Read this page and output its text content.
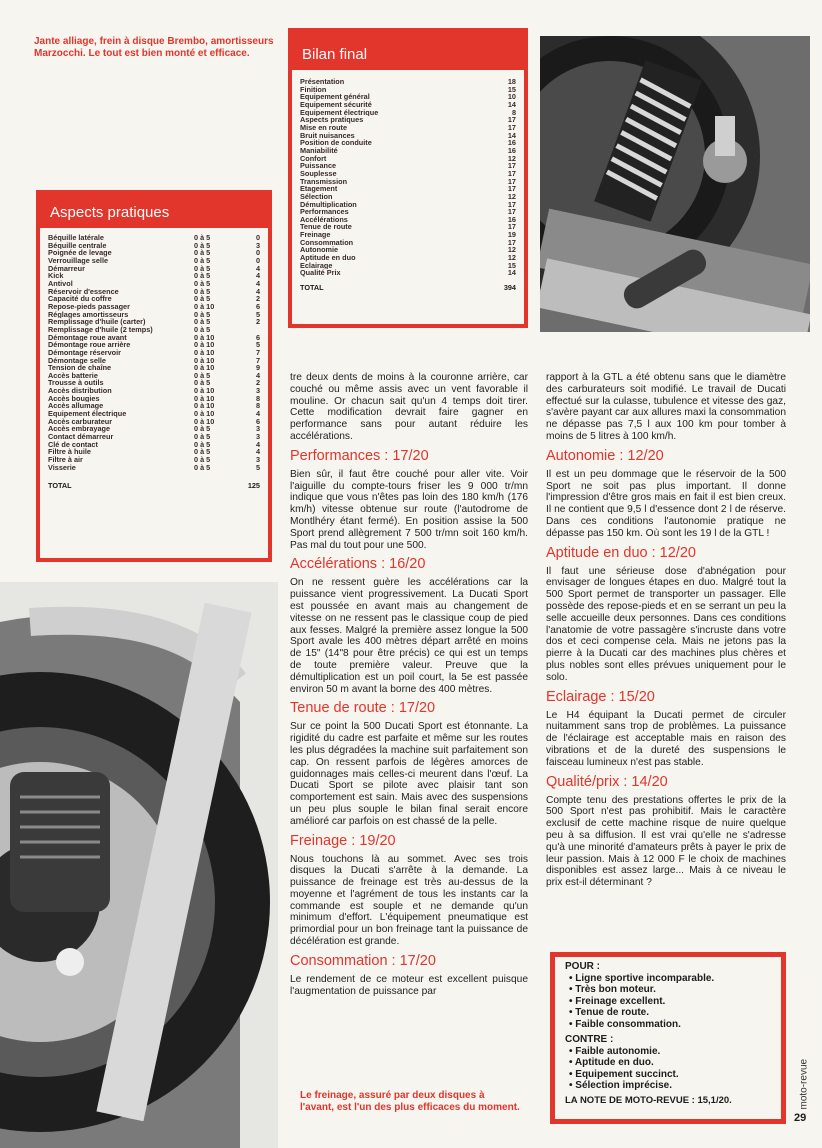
Jante alliage, frein à disque Brembo, amortisseurs Marzocchi. Le tout est bien monté et efficace.
Aspects pratiques
Béquille latérale	0 à 5	0
Béquille centrale	0 à 5	3
Poignée de levage	0 à 5	0
Verrouillage selle	0 à 5	0
Démarreur	0 à 5	4
Kick	0 à 5	4
Antivol	0 à 5	4
Réservoir d'essence	0 à 5	4
Capacité du coffre	0 à 5	2
Repose-pieds passager	0 à 10	6
Réglages amortisseurs	0 à 5	5
Remplissage d'huile (carter)	0 à 5	2
Remplissage d'huile (2 temps)	0 à 5
Démontage roue avant	0 à 10	6
Démontage roue arrière	0 à 10	5
Démontage réservoir	0 à 10	7
Démontage selle	0 à 10	7
Tension de chaîne	0 à 10	9
Accès batterie	0 à 5	4
Trousse à outils	0 à 5	2
Accès distribution	0 à 10	3
Accès bougies	0 à 10	8
Accès allumage	0 à 10	8
Equipement électrique	0 à 10	4
Accès carburateur	0 à 10	6
Accès embrayage	0 à 5	3
Contact démarreur	0 à 5	3
Clé de contact	0 à 5	4
Filtre à huile	0 à 5	4
Filtre à air	0 à 5	3
Visserie	0 à 5	5
TOTAL	125
Bilan final
Présentation	18
Finition	15
Equipement général	10
Equipement sécurité	14
Equipement électrique	8
Aspects pratiques	17
Mise en route	17
Bruit nuisances	14
Position de conduite	16
Maniabilité	16
Confort	12
Puissance	17
Souplesse	17
Transmission	17
Etagement	17
Sélection	12
Démultiplication	17
Performances	17
Accélérations	16
Tenue de route	17
Freinage	19
Consommation	17
Autonomie	12
Aptitude en duo	12
Eclairage	15
Qualité Prix	14
TOTAL	394

tre deux dents de moins à la couronne arrière, car couché ou même assis avec un vent favorable il mouline. Or chacun sait qu'un 4 temps doit tirer. Cette modification devrait faire gagner en performance sans pour autant réduire les accélérations.

Performances : 17/20

Bien sûr, il faut être couché pour aller vite. Voir l'aiguille du compte-tours friser les 9 000 tr/mn indique que vous n'êtes pas loin des 180 km/h (176 km/h) vitesse obtenue sur route (l'autodrome de Montlhéry étant fermé). En position assise la 500 Sport prend allègrement 7 500 tr/mn soit 160 km/h. Pas mal du tout pour une 500.

Accélérations : 16/20

On ne ressent guère les accélérations car la puissance vient progressivement. La Ducati Sport est poussée en avant mais au changement de vitesse on ne ressent pas le classique coup de pied aux fesses. Malgré la première assez longue la 500 Sport avale les 400 mètres départ arrêté en moins de 15" (14"8 pour être précis) ce qui est un temps de toute première valeur. Preuve que la démultiplication est un poil court, la 5e est passée environ 50 m avant la borne des 400 mètres.

Tenue de route : 17/20

Sur ce point la 500 Ducati Sport est étonnante. La rigidité du cadre est parfaite et même sur les routes les plus dégradées la machine suit parfaitement son cap. On ressent parfois de légères amorces de guidonnages mais celles-ci meurent dans l'œuf. La Ducati Sport se pilote avec plaisir tant son comportement est sain. Mais avec des suspensions un peu plus souple le bilan final serait encore amélioré car parfois on est chassé de la pelle.

Freinage : 19/20

Nous touchons là au sommet. Avec ses trois disques la Ducati s'arrête à la demande. La puissance de freinage est très au-dessus de la moyenne et l'agrément de tous les instants car la commande est souple et ne demande qu'un minimum d'effort. L'équipement pneumatique est primordial pour un bon freinage tant la puissance de décélération est grande.

Consommation : 17/20

Le rendement de ce moteur est excellent puisque l'augmentation de puissance par

rapport à la GTL a été obtenu sans que le diamètre des carburateurs soit modifié. Le travail de Ducati effectué sur la culasse, tubulence et vitesse des gaz, s'avère payant car aux allures maxi la consommation ne dépasse pas 7,5 l aux 100 km pour tomber à moins de 5 litres à 100 km/h.

Autonomie : 12/20

Il est un peu dommage que le réservoir de la 500 Sport ne soit pas plus important. Il donne l'impression d'être gros mais en fait il est bien creux. Il ne contient que 9,5 l d'essence dont 2 l de réserve. Dans ces conditions l'autonomie pratique ne dépasse pas 150 km. Où sont les 19 l de la GTL !

Aptitude en duo : 12/20

Il faut une sérieuse dose d'abnégation pour envisager de longues étapes en duo. Malgré tout la 500 Sport permet de transporter un passager. Elle possède des repose-pieds et en se serrant un peu la selle accueille deux personnes. Dans ces conditions l'anatomie de votre passagère s'incruste dans votre dos et ceci compense cela. Mais ne jetons pas la pierre à la Ducati car des machines plus chères et plus nobles sont elles prévues uniquement pour le solo.

Eclairage : 15/20

Le H4 équipant la Ducati permet de circuler nuitamment sans trop de problèmes. La puissance de l'éclairage est acceptable mais en raison des vibrations et de la dureté des suspensions le faisceau lumineux n'est pas stable.

Qualité/prix : 14/20

Compte tenu des prestations offertes le prix de la 500 Sport n'est pas prohibitif. Mais le caractère exclusif de cette machine risque de nuire quelque peu à sa diffusion. Il est vrai qu'elle ne s'adresse qu'à une minorité d'amateurs prêts à payer le prix de leur passion. Mais à 12 000 F le choix de machines disponibles est assez large... Mais à ce niveau le prix est-il déterminant ?

POUR :
• Ligne sportive incomparable.
• Très bon moteur.
• Freinage excellent.
• Tenue de route.
• Faible consommation.
CONTRE :
• Faible autonomie.
• Aptitude en duo.
• Equipement succinct.
• Sélection imprécise.
LA NOTE DE MOTO-REVUE : 15,1/20.
Le freinage, assuré par deux disques à l'avant, est l'un des plus efficaces du moment.	moto-revue
29
